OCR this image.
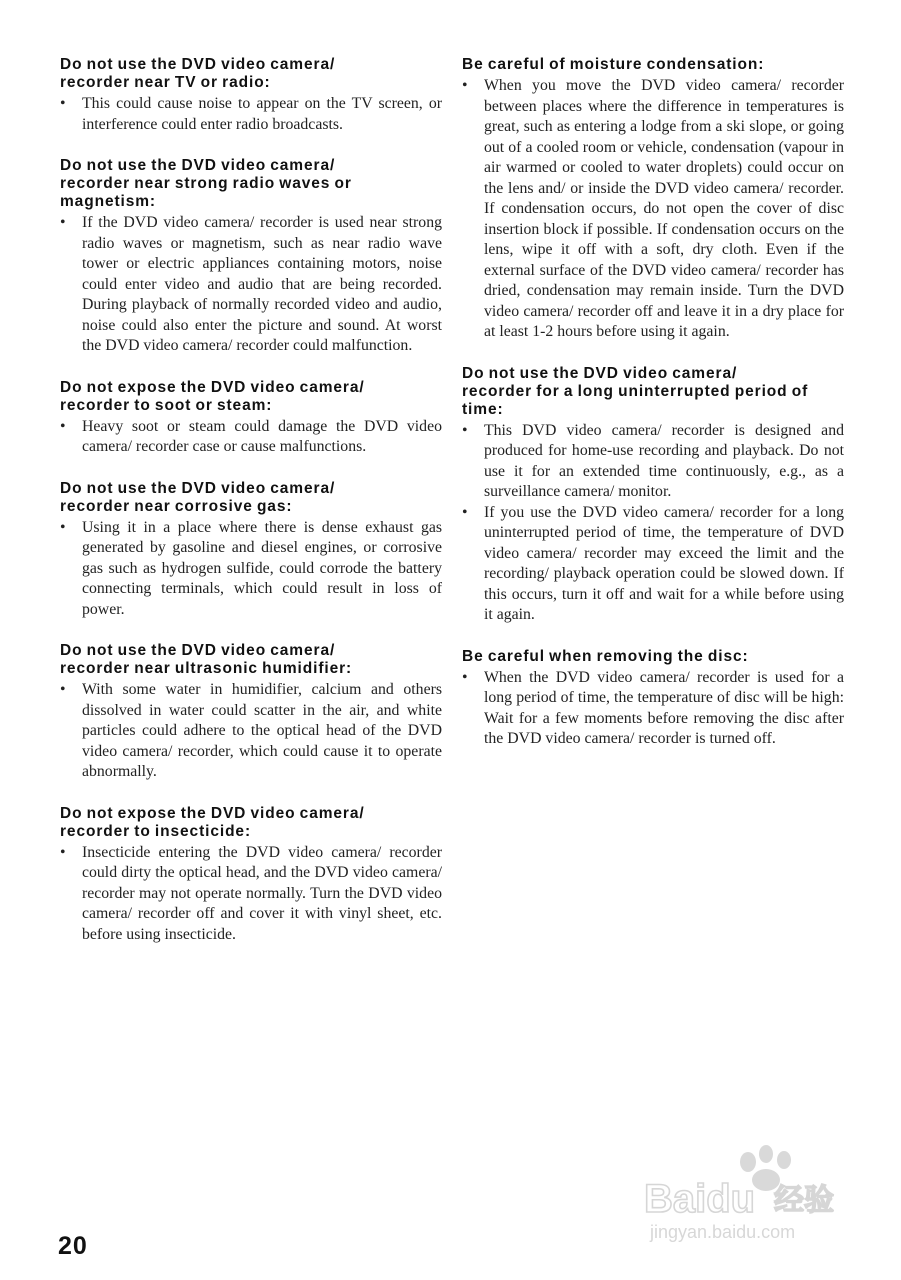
Do not use the DVD video camera/
recorder near TV or radio:
• This could cause noise to appear on the TV screen, or interference could enter radio broadcasts.
Do not use the DVD video camera/
recorder near strong radio waves or
magnetism:
• If the DVD video camera/ recorder is used near strong radio waves or magnetism, such as near radio wave tower or electric appliances containing motors, noise could enter video and audio that are being recorded. During playback of normally recorded video and audio, noise could also enter the picture and sound. At worst the DVD video camera/ recorder could malfunction.
Do not expose the DVD video camera/
recorder to soot or steam:
• Heavy soot or steam could damage the DVD video camera/ recorder case or cause malfunctions.
Do not use the DVD video camera/
recorder near corrosive gas:
• Using it in a place where there is dense exhaust gas generated by gasoline and diesel engines, or corrosive gas such as hydrogen sulfide, could corrode the battery connecting terminals, which could result in loss of power.
Do not use the DVD video camera/
recorder near ultrasonic humidifier:
• With some water in humidifier, calcium and others dissolved in water could scatter in the air, and white particles could adhere to the optical head of the DVD video camera/ recorder, which could cause it to operate abnormally.
Do not expose the DVD video camera/
recorder to insecticide:
• Insecticide entering the DVD video camera/ recorder could dirty the optical head, and the DVD video camera/ recorder may not operate normally. Turn the DVD video camera/ recorder off and cover it with vinyl sheet, etc. before using insecticide.
Be careful of moisture condensation:
• When you move the DVD video camera/ recorder between places where the difference in temperatures is great, such as entering a lodge from a ski slope, or going out of a cooled room or vehicle, condensation (vapour in air warmed or cooled to water droplets) could occur on the lens and/ or inside the DVD video camera/ recorder. If condensation occurs, do not open the cover of disc insertion block if possible. If condensation occurs on the lens, wipe it off with a soft, dry cloth. Even if the external surface of the DVD video camera/ recorder has dried, condensation may remain inside. Turn the DVD video camera/ recorder off and leave it in a dry place for at least 1-2 hours before using it again.
Do not use the DVD video camera/
recorder for a long uninterrupted period of
time:
• This DVD video camera/ recorder is designed and produced for home-use recording and playback. Do not use it for an extended time continuously, e.g., as a surveillance camera/ monitor.
• If you use the DVD video camera/ recorder for a long uninterrupted period of time, the temperature of DVD video camera/ recorder may exceed the limit and the recording/ playback operation could be slowed down. If this occurs, turn it off and wait for a while before using it again.
Be careful when removing the disc:
• When the DVD video camera/ recorder is used for a long period of time, the temperature of disc will be high: Wait for a few moments before removing the disc after the DVD video camera/ recorder is turned off.
20
Baidu 经验
jingyan.baidu.com
